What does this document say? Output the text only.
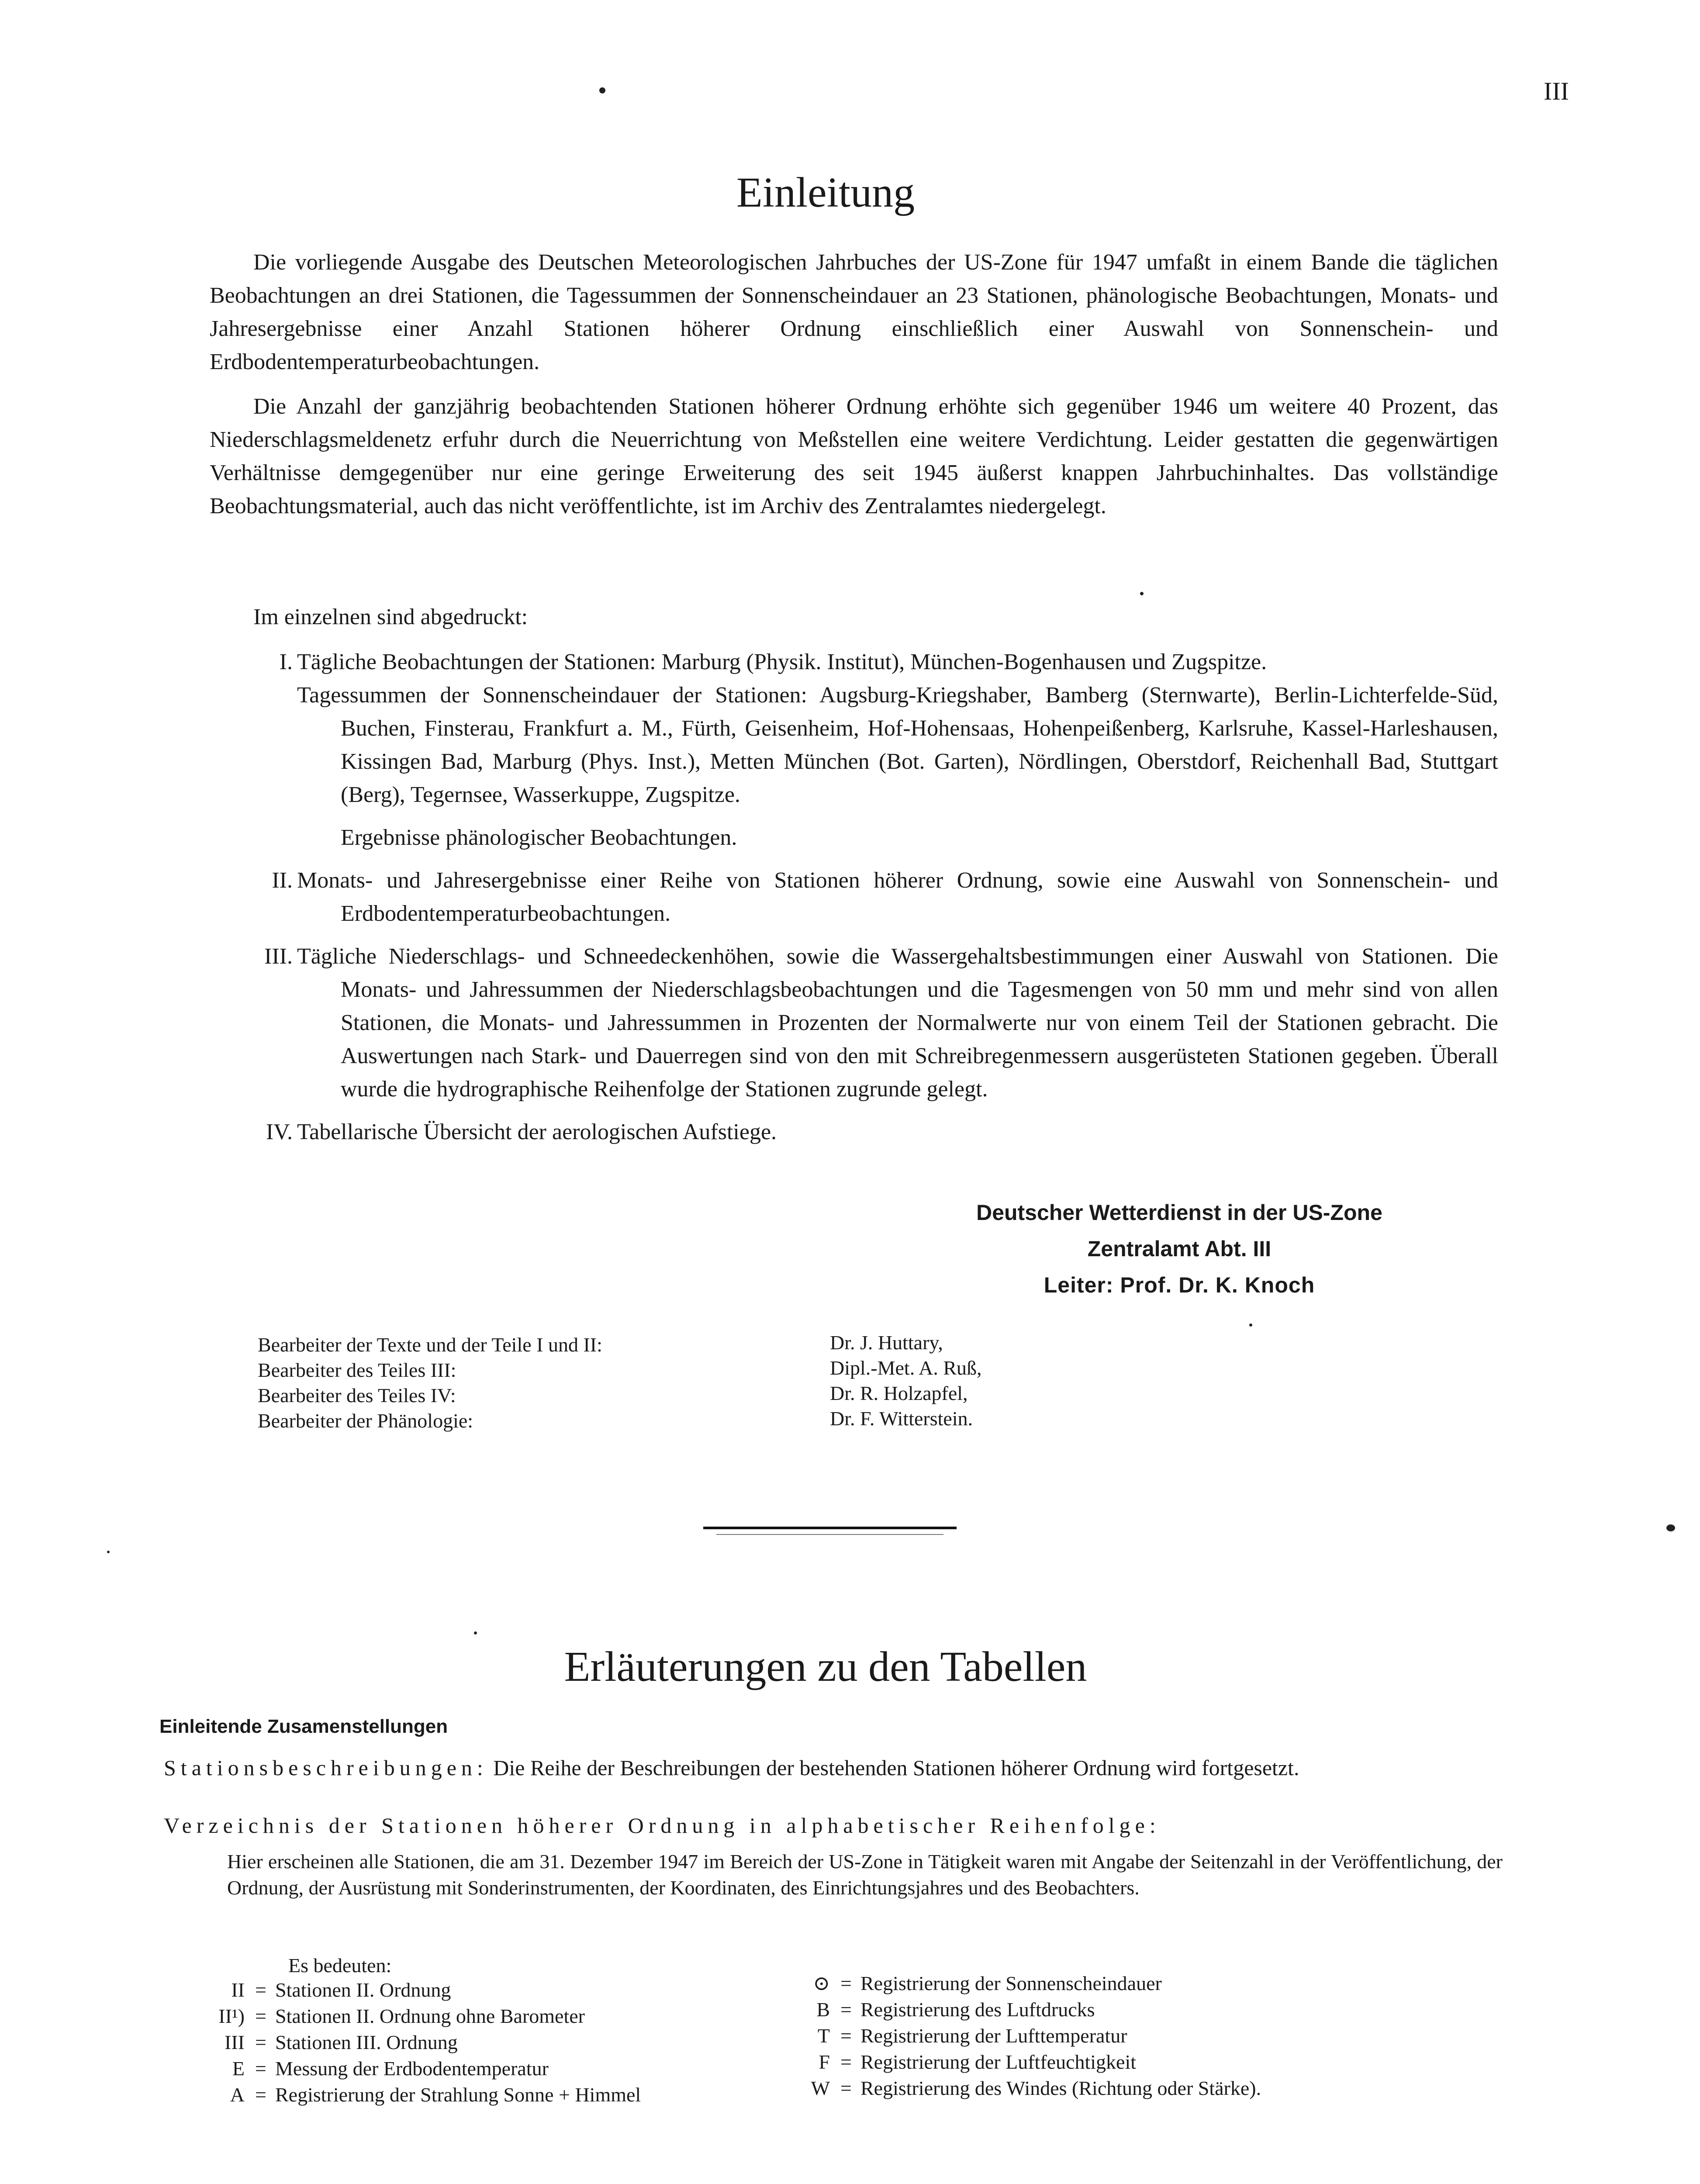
III
Einleitung
Die vorliegende Ausgabe des Deutschen Meteorologischen Jahrbuches der US-Zone für 1947 umfaßt in einem Bande die täglichen Beobachtungen an drei Stationen, die Tagessummen der Sonnenscheindauer an 23 Stationen, phänologische Beobachtungen, Monats- und Jahresergebnisse einer Anzahl Stationen höherer Ordnung einschließlich einer Auswahl von Sonnenschein- und Erdbodentemperaturbeobachtungen.
Die Anzahl der ganzjährig beobachtenden Stationen höherer Ordnung erhöhte sich gegenüber 1946 um weitere 40 Prozent, das Niederschlagsmeldenetz erfuhr durch die Neuerrichtung von Meßstellen eine weitere Verdichtung. Leider gestatten die gegenwärtigen Verhältnisse demgegenüber nur eine geringe Erweiterung des seit 1945 äußerst knappen Jahrbuchinhaltes. Das vollständige Beobachtungsmaterial, auch das nicht veröffentlichte, ist im Archiv des Zentralamtes niedergelegt.
Im einzelnen sind abgedruckt:
I. Tägliche Beobachtungen der Stationen: Marburg (Physik. Institut), München-Bogenhausen und Zugspitze.
Tagessummen der Sonnenscheindauer der Stationen: Augsburg-Kriegshaber, Bamberg (Sternwarte), Berlin-Lichterfelde-Süd, Buchen, Finsterau, Frankfurt a. M., Fürth, Geisenheim, Hof-Hohensaas, Hohenpeißenberg, Karlsruhe, Kassel-Harleshausen, Kissingen Bad, Marburg (Phys. Inst.), Metten München (Bot. Garten), Nördlingen, Oberstdorf, Reichenhall Bad, Stuttgart (Berg), Tegernsee, Wasserkuppe, Zugspitze.
Ergebnisse phänologischer Beobachtungen.
II. Monats- und Jahresergebnisse einer Reihe von Stationen höherer Ordnung, sowie eine Auswahl von Sonnenschein- und Erdbodentemperaturbeobachtungen.
III. Tägliche Niederschlags- und Schneedeckenhöhen, sowie die Wassergehaltsbestimmungen einer Auswahl von Stationen. Die Monats- und Jahressummen der Niederschlagsbeobachtungen und die Tagesmengen von 50 mm und mehr sind von allen Stationen, die Monats- und Jahressummen in Prozenten der Normalwerte nur von einem Teil der Stationen gebracht. Die Auswertungen nach Stark- und Dauerregen sind von den mit Schreibregenmessern ausgerüsteten Stationen gegeben. Überall wurde die hydrographische Reihenfolge der Stationen zugrunde gelegt.
IV. Tabellarische Übersicht der aerologischen Aufstiege.
Deutscher Wetterdienst in der US-Zone
Zentralamt Abt. III
Leiter: Prof. Dr. K. Knoch
Bearbeiter der Texte und der Teile I und II:
Bearbeiter des Teiles III:
Bearbeiter des Teiles IV:
Bearbeiter der Phänologie:
Dr. J. Huttary,
Dipl.-Met. A. Ruß,
Dr. R. Holzapfel,
Dr. F. Witterstein.
Erläuterungen zu den Tabellen
Einleitende Zusamenstellungen
Stationsbeschreibungen: Die Reihe der Beschreibungen der bestehenden Stationen höherer Ordnung wird fortgesetzt.
Verzeichnis der Stationen höherer Ordnung in alphabetischer Reihenfolge:
Hier erscheinen alle Stationen, die am 31. Dezember 1947 im Bereich der US-Zone in Tätigkeit waren mit Angabe der Seitenzahl in der Veröffentlichung, der Ordnung, der Ausrüstung mit Sonderinstrumenten, der Koordinaten, des Einrichtungsjahres und des Beobachters.
Es bedeuten:
II = Stationen II. Ordnung
II¹) = Stationen II. Ordnung ohne Barometer
III = Stationen III. Ordnung
E = Messung der Erdbodentemperatur
A = Registrierung der Strahlung Sonne + Himmel
⊙ = Registrierung der Sonnenscheindauer
B = Registrierung des Luftdrucks
T = Registrierung der Lufttemperatur
F = Registrierung der Luftfeuchtigkeit
W = Registrierung des Windes (Richtung oder Stärke).
